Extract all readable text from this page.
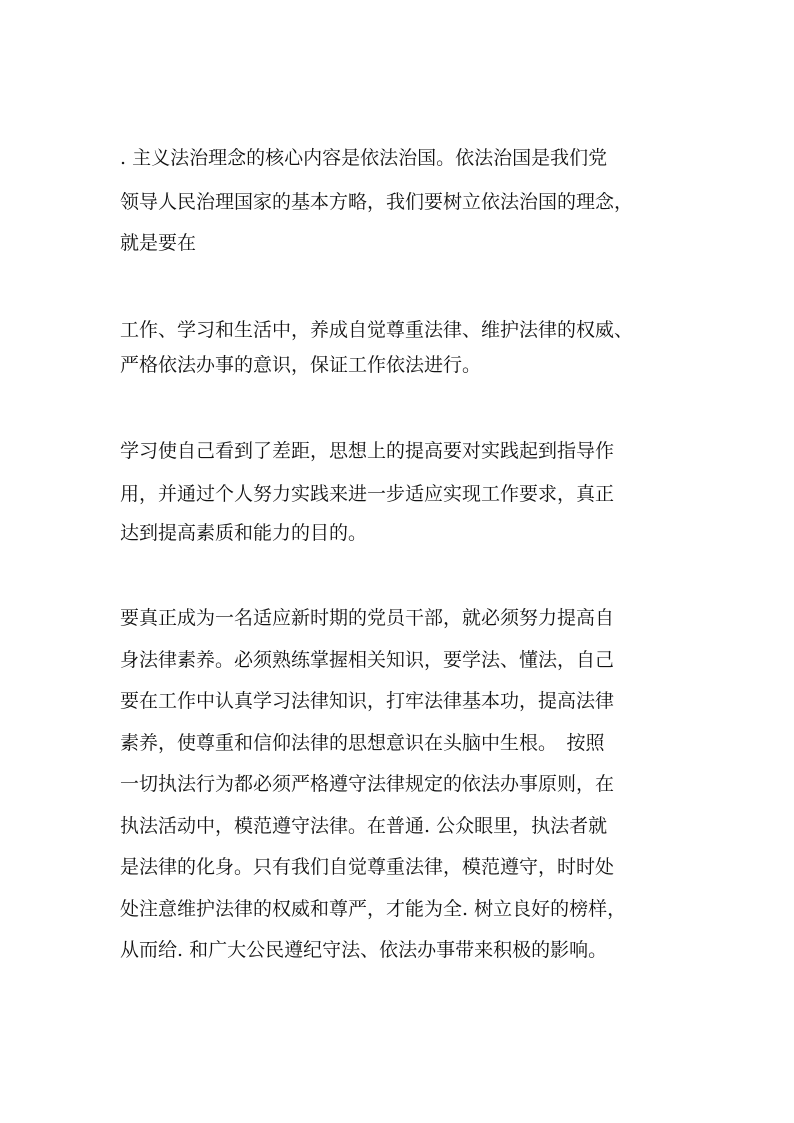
. 主义法治理念的核心内容是依法治国。依法治国是我们党
领导人民治理国家的基本方略，我们要树立依法治国的理念，
就是要在
工作、学习和生活中，养成自觉尊重法律、维护法律的权威、
严格依法办事的意识，保证工作依法进行。
学习使自己看到了差距，思想上的提高要对实践起到指导作
用，并通过个人努力实践来进一步适应实现工作要求，真正
达到提高素质和能力的目的。
要真正成为一名适应新时期的党员干部，就必须努力提高自
身法律素养。必须熟练掌握相关知识，要学法、懂法，自己
要在工作中认真学习法律知识，打牢法律基本功，提高法律
素养，使尊重和信仰法律的思想意识在头脑中生根。　按照
一切执法行为都必须严格遵守法律规定的依法办事原则，在
执法活动中，模范遵守法律。在普通. 公众眼里，执法者就
是法律的化身。只有我们自觉尊重法律，模范遵守，时时处
处注意维护法律的权威和尊严，才能为全. 树立良好的榜样，
从而给. 和广大公民遵纪守法、依法办事带来积极的影响。
